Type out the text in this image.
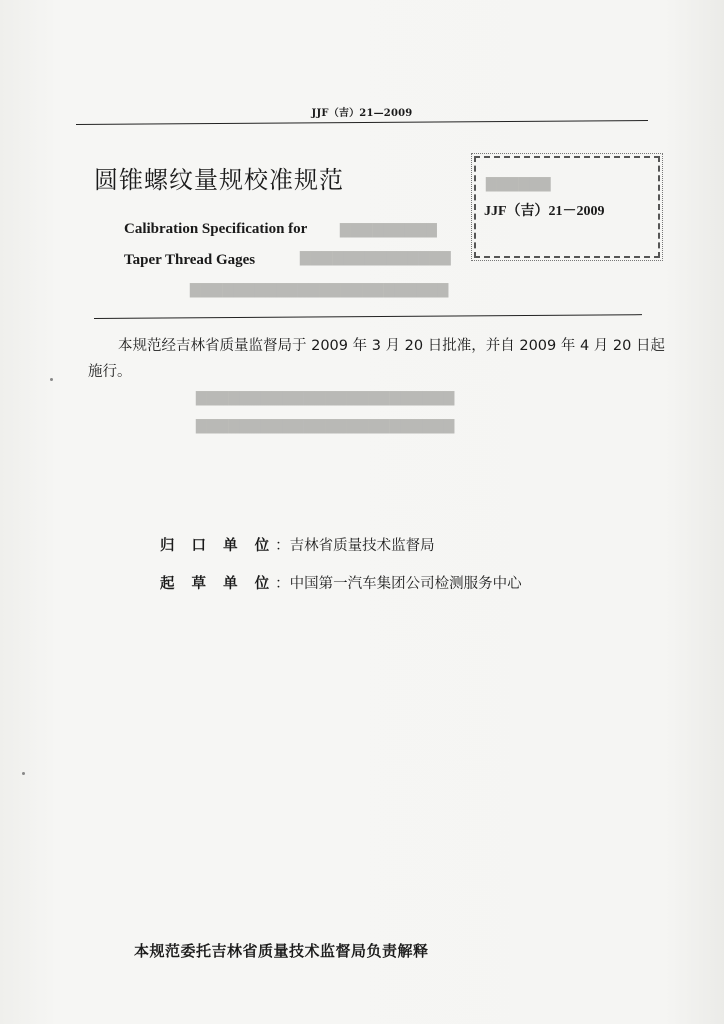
JJF（吉）21—2009
圆锥螺纹量规校准规范
Calibration Specification for
Taper Thread Gages
▇▇▇▇▇▇
▇▇▇▇▇▇▇▇▇
▇▇▇▇▇▇▇▇▇▇▇▇▇▇
▇▇▇▇▇▇▇▇▇▇▇▇▇▇▇▇▇▇▇▇▇▇▇▇
▇▇▇▇▇▇▇▇▇▇▇▇▇▇▇▇▇▇▇▇▇▇▇▇
▇▇▇▇▇▇▇▇▇▇▇▇▇▇▇▇▇▇▇▇▇▇▇▇
JJF（吉）21－2009
本规范经吉林省质量监督局于 2009 年 3 月 20 日批准，并自 2009 年 4 月 20 日起施行。
归 口 单 位：吉林省质量技术监督局
起 草 单 位：中国第一汽车集团公司检测服务中心
本规范委托吉林省质量技术监督局负责解释
